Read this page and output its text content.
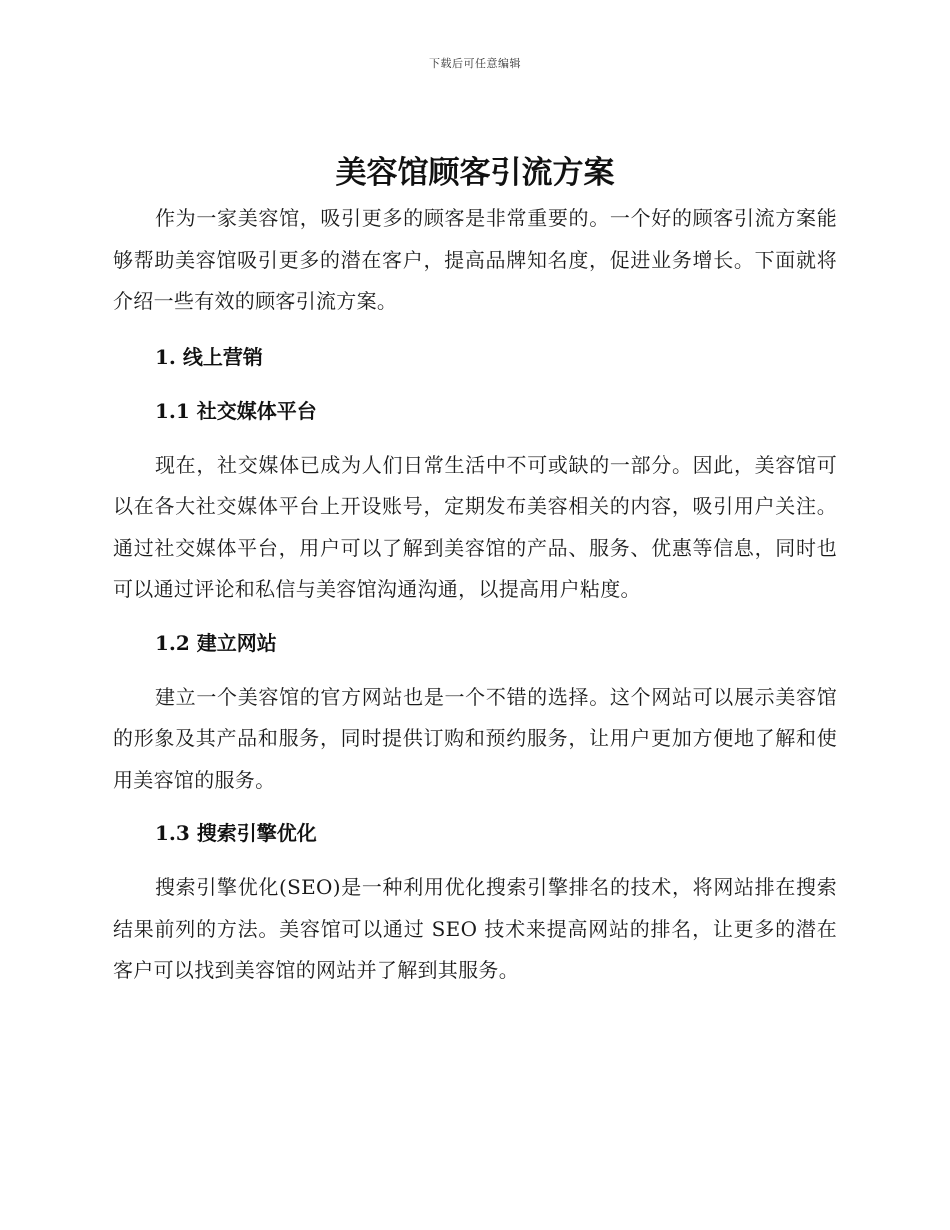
下载后可任意编辑
美容馆顾客引流方案

作为一家美容馆，吸引更多的顾客是非常重要的。一个好的顾客引流方案能够帮助美容馆吸引更多的潜在客户，提高品牌知名度，促进业务增长。下面就将介绍一些有效的顾客引流方案。

1. 线上营销
1.1 社交媒体平台

现在，社交媒体已成为人们日常生活中不可或缺的一部分。因此，美容馆可以在各大社交媒体平台上开设账号，定期发布美容相关的内容，吸引用户关注。通过社交媒体平台，用户可以了解到美容馆的产品、服务、优惠等信息，同时也可以通过评论和私信与美容馆沟通沟通，以提高用户粘度。

1.2 建立网站

建立一个美容馆的官方网站也是一个不错的选择。这个网站可以展示美容馆的形象及其产品和服务，同时提供订购和预约服务，让用户更加方便地了解和使用美容馆的服务。

1.3 搜索引擎优化

搜索引擎优化(SEO)是一种利用优化搜索引擎排名的技术，将网站排在搜索结果前列的方法。美容馆可以通过 SEO 技术来提高网站的排名，让更多的潜在客户可以找到美容馆的网站并了解到其服务。
